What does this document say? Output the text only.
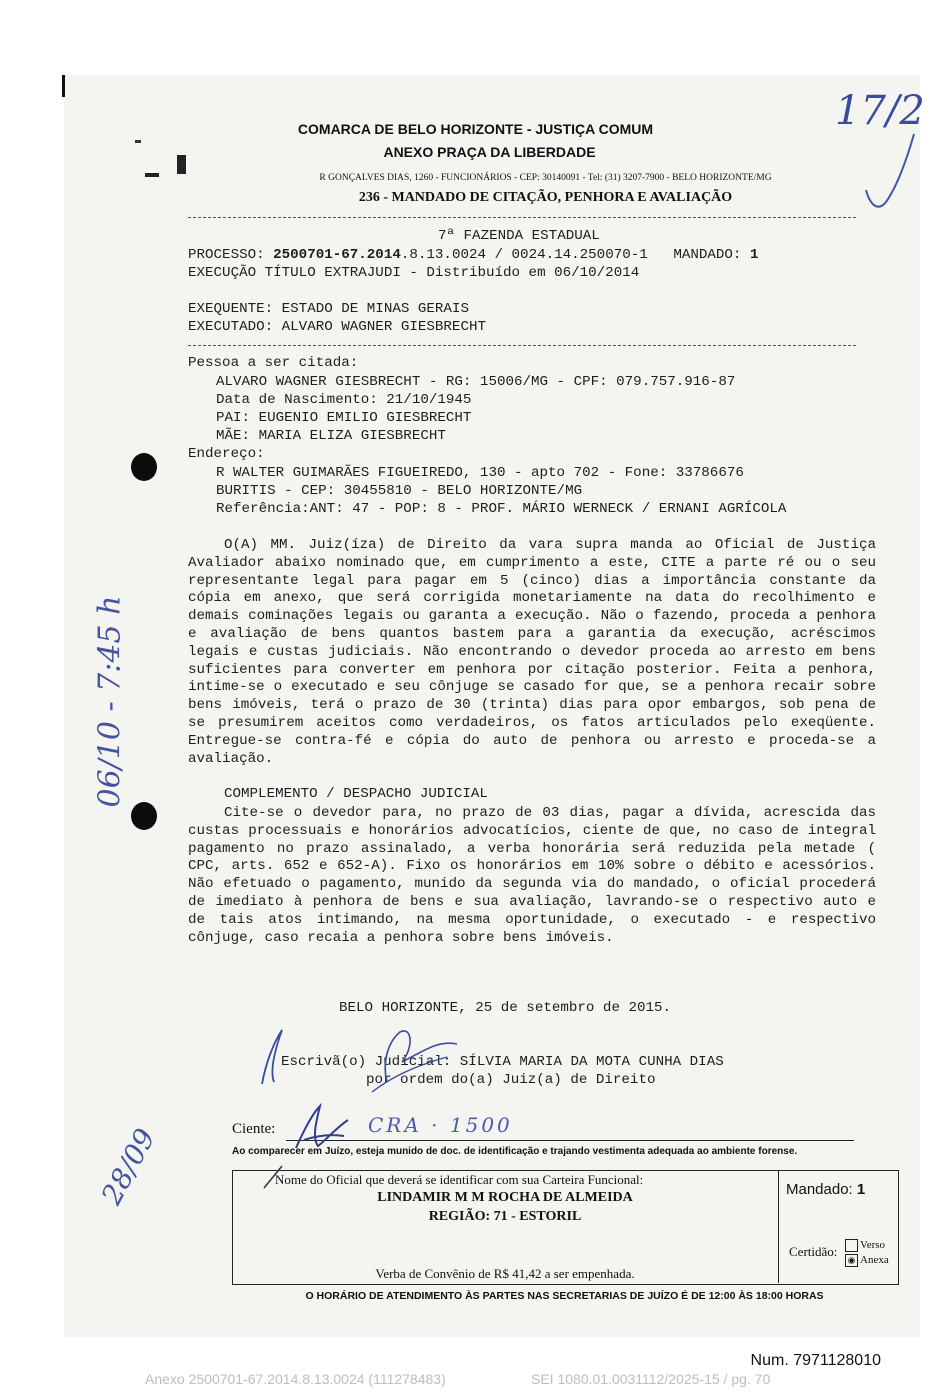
COMARCA DE BELO HORIZONTE - JUSTIÇA COMUM
ANEXO PRAÇA DA LIBERDADE
R GONÇALVES DIAS, 1260 - FUNCIONÁRIOS - CEP: 30140091 - Tel: (31) 3207-7900 - BELO HORIZONTE/MG
236 - MANDADO DE CITAÇÃO, PENHORA E AVALIAÇÃO
7ª FAZENDA ESTADUAL
PROCESSO: 2500701-67.2014.8.13.0024 / 0024.14.250070-1 MANDADO: 1
EXECUÇÃO TÍTULO EXTRAJUDI - Distribuído em 06/10/2014
EXEQUENTE: ESTADO DE MINAS GERAIS
EXECUTADO: ALVARO WAGNER GIESBRECHT
Pessoa a ser citada:
ALVARO WAGNER GIESBRECHT - RG: 15006/MG - CPF: 079.757.916-87
Data de Nascimento: 21/10/1945
PAI: EUGENIO EMILIO GIESBRECHT
MÃE: MARIA ELIZA GIESBRECHT
Endereço:
R WALTER GUIMARÃES FIGUEIREDO, 130 - apto 702 - Fone: 33786676
BURITIS - CEP: 30455810 - BELO HORIZONTE/MG
Referência:ANT: 47 - POP: 8 - PROF. MÁRIO WERNECK / ERNANI AGRÍCOLA
O(A) MM. Juiz(íza) de Direito da vara supra manda ao Oficial de Justiça Avaliador abaixo nominado que, em cumprimento a este, CITE a parte ré ou o seu representante legal para pagar em 5 (cinco) dias a importância constante da cópia em anexo, que será corrigida monetariamente na data do recolhimento e demais cominações legais ou garanta a execução. Não o fazendo, proceda a penhora e avaliação de bens quantos bastem para a garantia da execução, acréscimos legais e custas judiciais. Não encontrando o devedor proceda ao arresto em bens suficientes para converter em penhora por citação posterior. Feita a penhora, intime-se o executado e seu cônjuge se casado for que, se a penhora recair sobre bens imóveis, terá o prazo de 30 (trinta) dias para opor embargos, sob pena de se presumirem aceitos como verdadeiros, os fatos articulados pelo exeqüente. Entregue-se contra-fé e cópia do auto de penhora ou arresto e proceda-se a avaliação.
COMPLEMENTO / DESPACHO JUDICIAL
Cite-se o devedor para, no prazo de 03 dias, pagar a dívida, acrescida das custas processuais e honorários advocatícios, ciente de que, no caso de integral pagamento no prazo assinalado, a verba honorária será reduzida pela metade ( CPC, arts. 652 e 652-A). Fixo os honorários em 10% sobre o débito e acessórios. Não efetuado o pagamento, munido da segunda via do mandado, o oficial procederá de imediato à penhora de bens e sua avaliação, lavrando-se o respectivo auto e de tais atos intimando, na mesma oportunidade, o executado - e respectivo cônjuge, caso recaia a penhora sobre bens imóveis.
BELO HORIZONTE, 25 de setembro de 2015.
Escrivã(o) Judicial: SÍLVIA MARIA DA MOTA CUNHA DIAS
por ordem do(a) Juiz(a) de Direito
Ciente:
Ao comparecer em Juízo, esteja munido de doc. de identificação e trajando vestimenta adequada ao ambiente forense.
Nome do Oficial que deverá se identificar com sua Carteira Funcional:
LINDAMIR M M ROCHA DE ALMEIDA
REGIÃO: 71 - ESTORIL
Verba de Convênio de R$ 41,42 a ser empenhada.
Mandado: 1
Certidão:	Verso
◉ Anexa
O HORÁRIO DE ATENDIMENTO ÀS PARTES NAS SECRETARIAS DE JUÍZO É DE 12:00 ÀS 18:00 HORAS
Num. 7971128010
Anexo 2500701-67.2014.8.13.0024 (111278483)	SEI 1080.01.0031112/2025-15 / pg. 70
17/2
06/10 - 7:45 h
28/09	CRA · 1500
